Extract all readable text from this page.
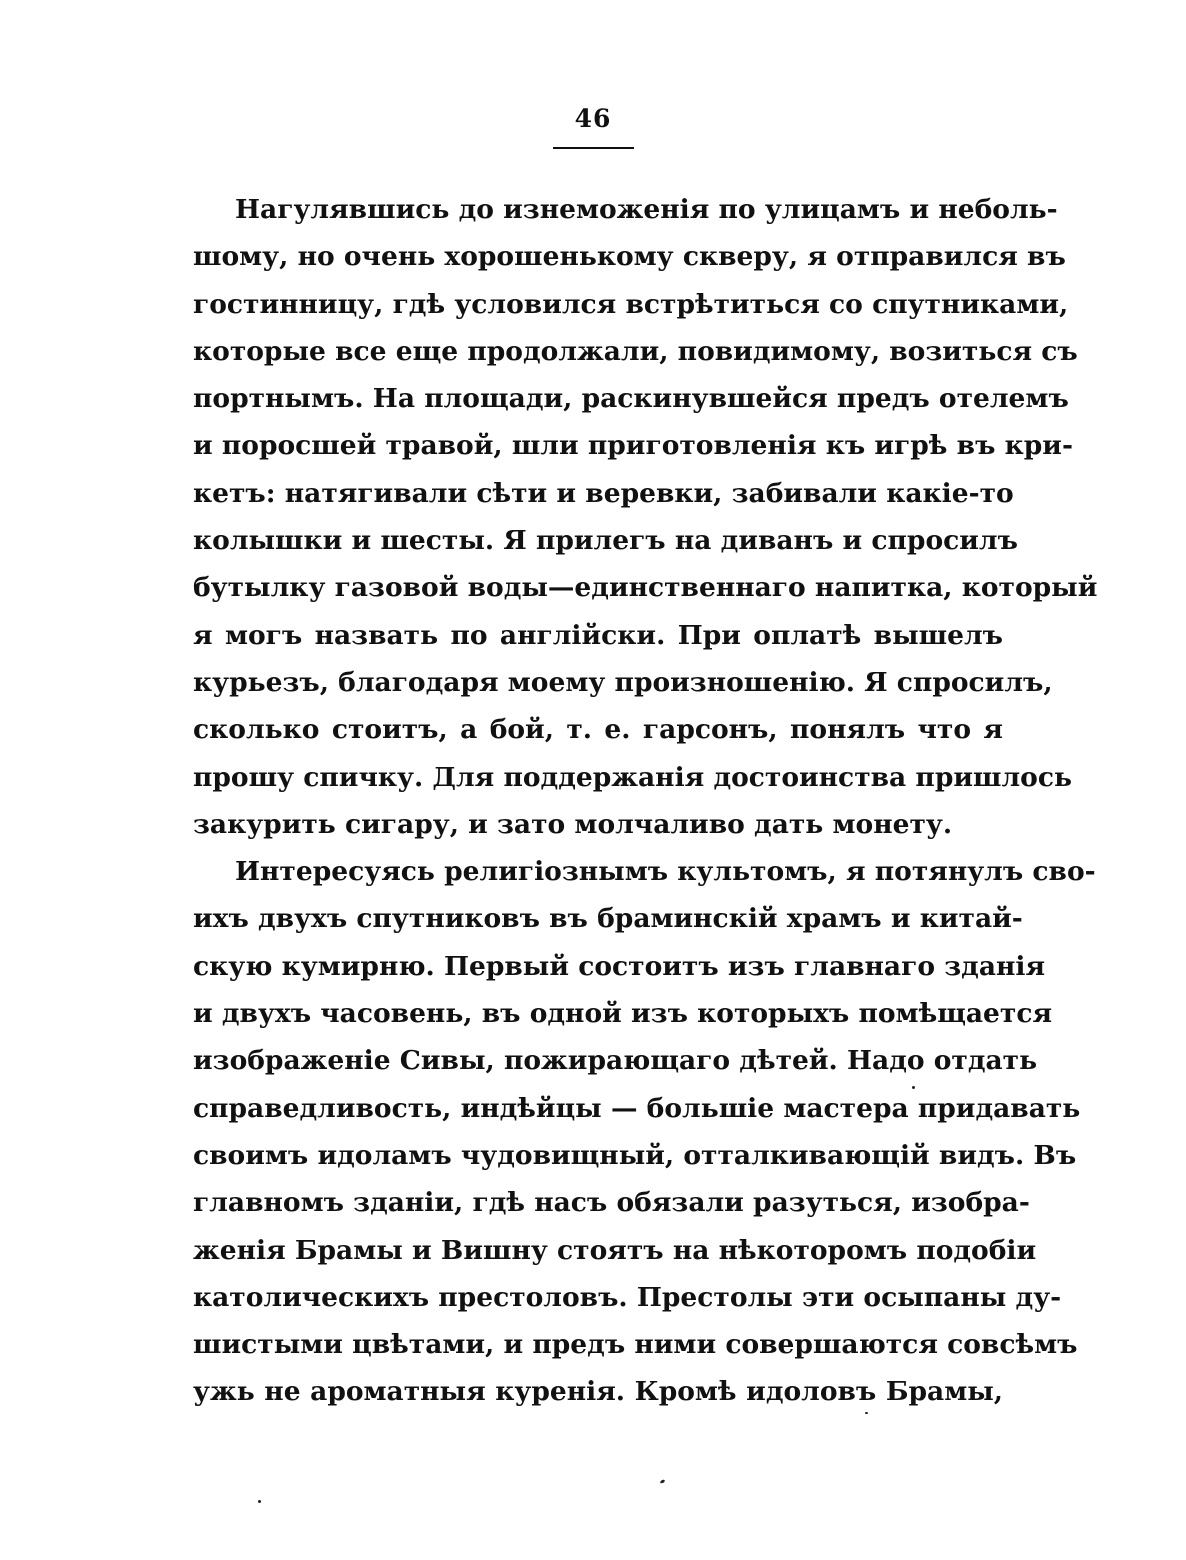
46
Нагулявшись до изнеможенія по улицамъ и неболь-
шому, но очень хорошенькому скверу, я отправился въ
гостинницу, гдѣ условился встрѣтиться со спутниками,
которые все еще продолжали, повидимому, возиться съ
портнымъ. На площади, раскинувшейся предъ отелемъ
и поросшей травой, шли приготовленія къ игрѣ въ кри-
кетъ: натягивали сѣти и веревки, забивали какіе-то
колышки и шесты. Я прилегъ на диванъ и спросилъ
бутылку газовой воды—единственнаго напитка, который
я могъ назвать по англійски. При оплатѣ вышелъ
курьезъ, благодаря моему произношенію. Я спросилъ,
сколько стоитъ, а бой, т. е. гарсонъ, понялъ что я
прошу спичку. Для поддержанія достоинства пришлось
закурить сигару, и зато молчаливо дать монету.
Интересуясь религіознымъ культомъ, я потянулъ сво-
ихъ двухъ спутниковъ въ браминскій храмъ и китай-
скую кумирню. Первый состоитъ изъ главнаго зданія
и двухъ часовень, въ одной изъ которыхъ помѣщается
изображеніе Сивы, пожирающаго дѣтей. Надо отдать
справедливость, индѣйцы — большіе мастера придавать
своимъ идоламъ чудовищный, отталкивающій видъ. Въ
главномъ зданіи, гдѣ насъ обязали разуться, изобра-
женія Брамы и Вишну стоятъ на нѣкоторомъ подобіи
католическихъ престоловъ. Престолы эти осыпаны ду-
шистыми цвѣтами, и предъ ними совершаются совсѣмъ
ужь не ароматныя куренія. Кромѣ идоловъ Брамы,
